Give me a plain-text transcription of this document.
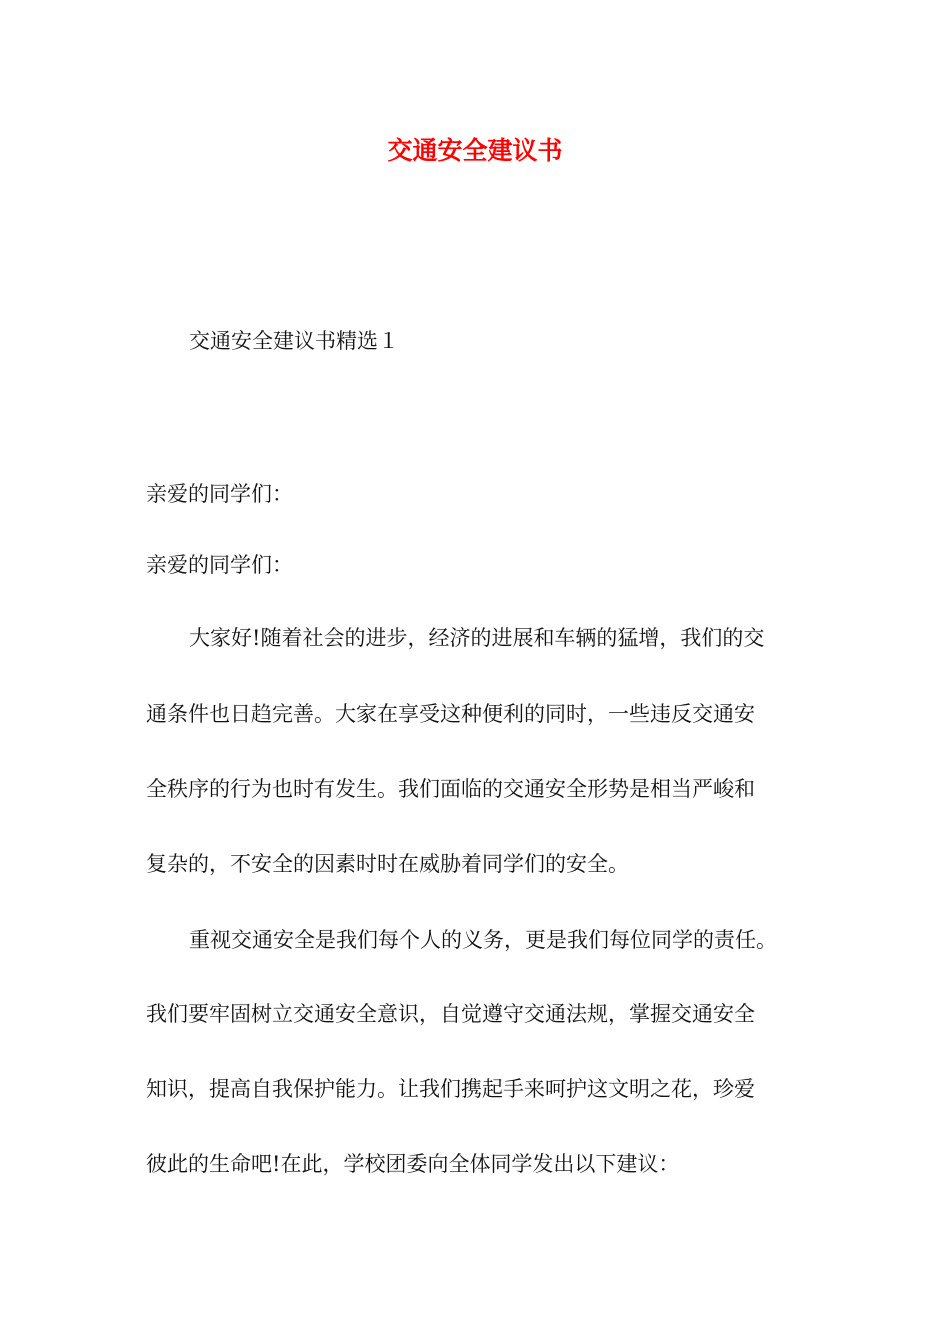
交通安全建议书
交通安全建议书精选１
亲爱的同学们：
亲爱的同学们：
大家好!随着社会的进步，经济的进展和车辆的猛增，我们的交
通条件也日趋完善。大家在享受这种便利的同时，一些违反交通安
全秩序的行为也时有发生。我们面临的交通安全形势是相当严峻和
复杂的，不安全的因素时时在威胁着同学们的安全。
重视交通安全是我们每个人的义务，更是我们每位同学的责任。
我们要牢固树立交通安全意识，自觉遵守交通法规，掌握交通安全
知识，提高自我保护能力。让我们携起手来呵护这文明之花，珍爱
彼此的生命吧!在此，学校团委向全体同学发出以下建议：
